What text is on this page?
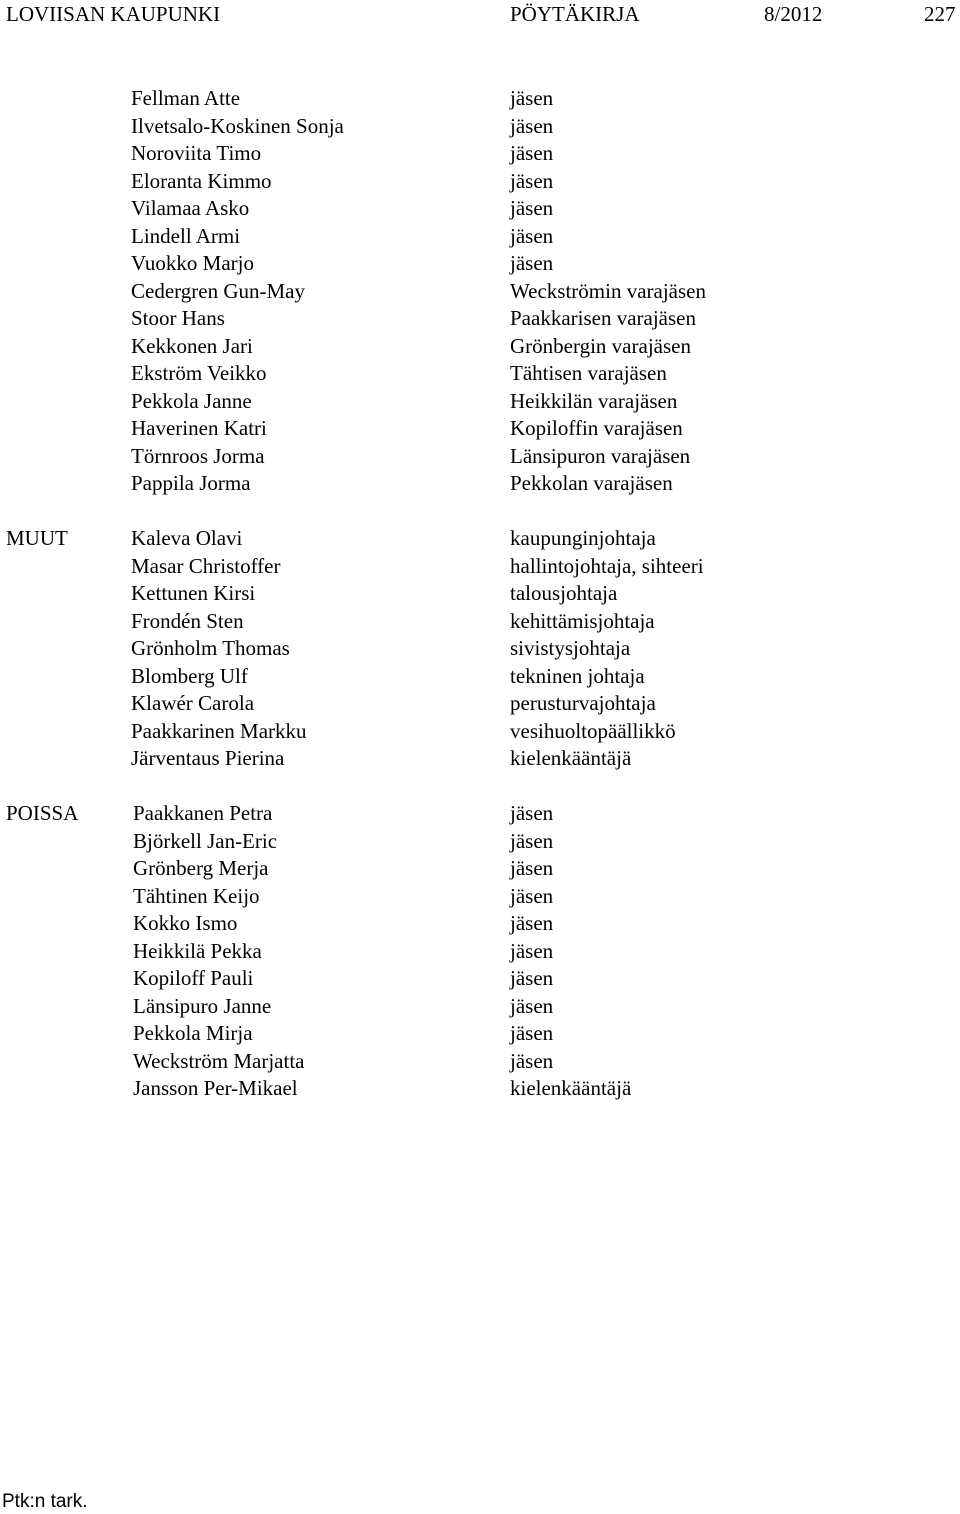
LOVIISAN KAUPUNKI	PÖYTÄKIRJA	8/2012	227
Fellman Atte	jäsen
Ilvetsalo-Koskinen Sonja	jäsen
Noroviita Timo	jäsen
Eloranta Kimmo	jäsen
Vilamaa Asko	jäsen
Lindell Armi	jäsen
Vuokko Marjo	jäsen
Cedergren Gun-May	Weckströmin varajäsen
Stoor Hans	Paakkarisen varajäsen
Kekkonen Jari	Grönbergin varajäsen
Ekström Veikko	Tähtisen varajäsen
Pekkola Janne	Heikkilän varajäsen
Haverinen Katri	Kopiloffin varajäsen
Törnroos Jorma	Länsipuron varajäsen
Pappila Jorma	Pekkolan varajäsen
MUUT	Kaleva Olavi	kaupunginjohtaja
Masar Christoffer	hallintojohtaja, sihteeri
Kettunen Kirsi	talousjohtaja
Frondén Sten	kehittämisjohtaja
Grönholm Thomas	sivistysjohtaja
Blomberg Ulf	tekninen johtaja
Klawér Carola	perusturvajohtaja
Paakkarinen Markku	vesihuoltopäällikkö
Järventaus Pierina	kielenkääntäjä
POISSA	Paakkanen Petra	jäsen
Björkell Jan-Eric	jäsen
Grönberg Merja	jäsen
Tähtinen Keijo	jäsen
Kokko Ismo	jäsen
Heikkilä Pekka	jäsen
Kopiloff Pauli	jäsen
Länsipuro Janne	jäsen
Pekkola Mirja	jäsen
Weckström Marjatta	jäsen
Jansson Per-Mikael	kielenkääntäjä
Ptk:n tark.
